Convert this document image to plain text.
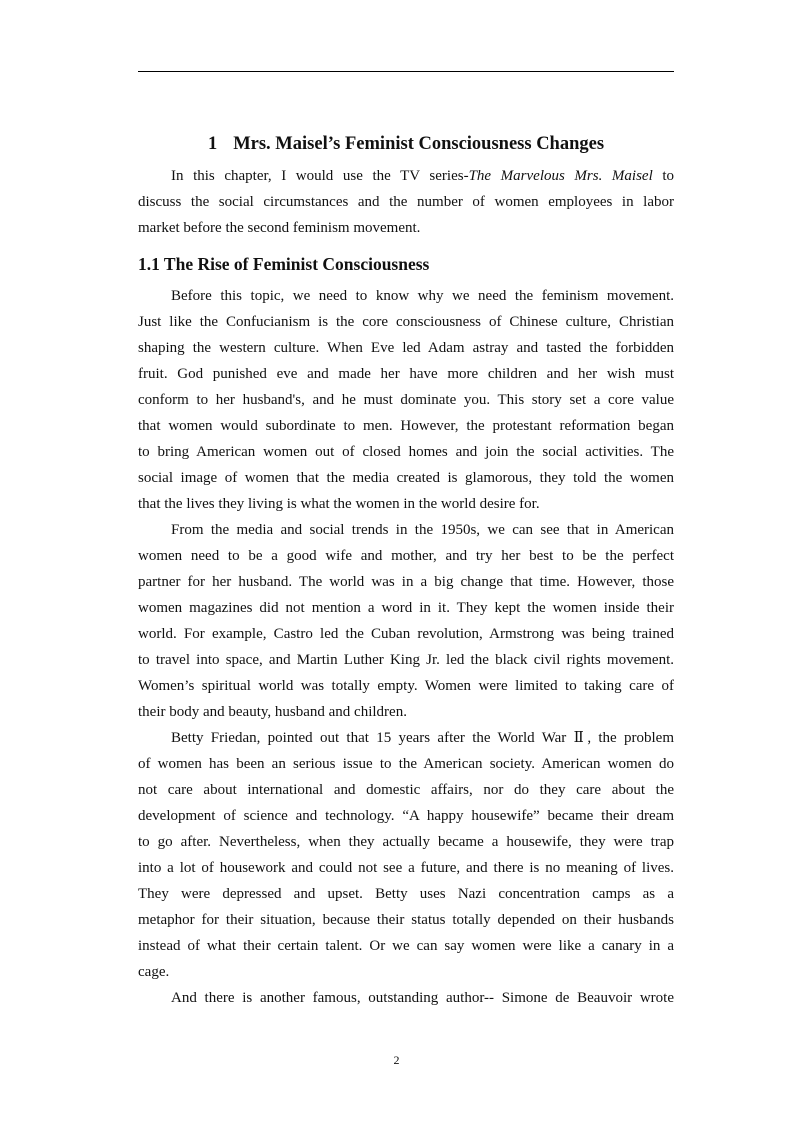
1 Mrs. Maisel’s Feminist Consciousness Changes

In this chapter, I would use the TV series-The Marvelous Mrs. Maisel to
discuss the social circumstances and the number of women employees in labor
market before the second feminism movement.

1.1 The Rise of Feminist Consciousness

Before this topic, we need to know why we need the feminism movement.
Just like the Confucianism is the core consciousness of Chinese culture, Christian
shaping the western culture. When Eve led Adam astray and tasted the forbidden
fruit. God punished eve and made her have more children and her wish must
conform to her husband's, and he must dominate you. This story set a core value
that women would subordinate to men. However, the protestant reformation began
to bring American women out of closed homes and join the social activities. The
social image of women that the media created is glamorous, they told the women
that the lives they living is what the women in the world desire for.

From the media and social trends in the 1950s, we can see that in American
women need to be a good wife and mother, and try her best to be the perfect
partner for her husband. The world was in a big change that time. However, those
women magazines did not mention a word in it. They kept the women inside their
world. For example, Castro led the Cuban revolution, Armstrong was being trained
to travel into space, and Martin Luther King Jr. led the black civil rights movement.
Women’s spiritual world was totally empty. Women were limited to taking care of
their body and beauty, husband and children.

Betty Friedan, pointed out that 15 years after the World War Ⅱ, the problem
of women has been an serious issue to the American society. American women do
not care about international and domestic affairs, nor do they care about the
development of science and technology. “A happy housewife” became their dream
to go after. Nevertheless, when they actually became a housewife, they were trap
into a lot of housework and could not see a future, and there is no meaning of lives.
They were depressed and upset. Betty uses Nazi concentration camps as a
metaphor for their situation, because their status totally depended on their husbands
instead of what their certain talent. Or we can say women were like a canary in a
cage.

And there is another famous, outstanding author-- Simone de Beauvoir wrote

2
